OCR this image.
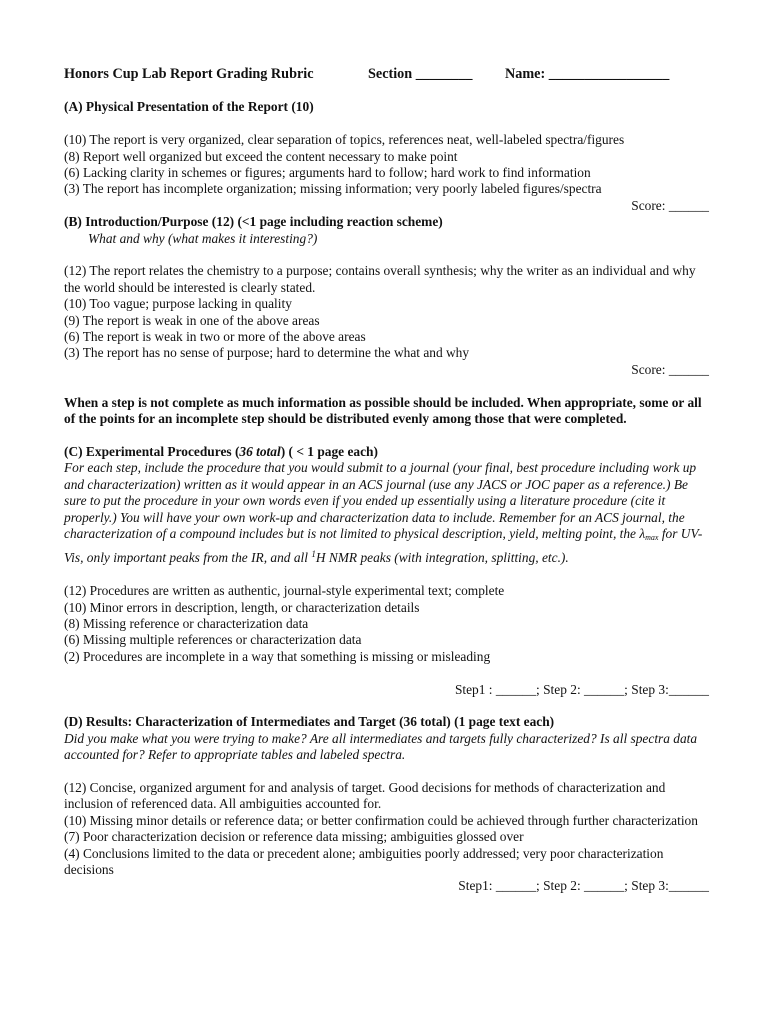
Honors Cup Lab Report Grading Rubric	Section ________	Name: _________________

(A) Physical Presentation of the Report (10)

(10) The report is very organized, clear separation of topics, references neat, well-labeled spectra/figures

(8) Report well organized but exceed the content necessary to make point

(6) Lacking clarity in schemes or figures; arguments hard to follow; hard work to find information

(3) The report has incomplete organization; missing information; very poorly labeled figures/spectra

Score: ______

(B) Introduction/Purpose (12) (<1 page including reaction scheme)

What and why (what makes it interesting?)

(12) The report relates the chemistry to a purpose; contains overall synthesis; why the writer as an individual and why the world should be interested is clearly stated.

(10) Too vague; purpose lacking in quality

(9) The report is weak in one of the above areas

(6) The report is weak in two or more of the above areas

(3) The report has no sense of purpose; hard to determine the what and why

Score: ______

When a step is not complete as much information as possible should be included. When appropriate, some or all of the points for an incomplete step should be distributed evenly among those that were completed.

(C) Experimental Procedures (36 total) ( < 1 page each)

For each step, include the procedure that you would submit to a journal (your final, best procedure including work up and characterization) written as it would appear in an ACS journal (use any JACS or JOC paper as a reference.) Be sure to put the procedure in your own words even if you ended up essentially using a literature procedure (cite it properly.) You will have your own work-up and characterization data to include. Remember for an ACS journal, the characterization of a compound includes but is not limited to physical description, yield, melting point, the $\lambda_{max}$ for UV-Vis, only important peaks from the IR, and all $^1$H NMR peaks (with integration, splitting, etc.).

(12) Procedures are written as authentic, journal-style experimental text; complete

(10) Minor errors in description, length, or characterization details

(8) Missing reference or characterization data

(6) Missing multiple references or characterization data

(2) Procedures are incomplete in a way that something is missing or misleading

Step1 : ______; Step 2: ______; Step 3:______

(D) Results: Characterization of Intermediates and Target (36 total) (1 page text each)

Did you make what you were trying to make? Are all intermediates and targets fully characterized? Is all spectra data accounted for? Refer to appropriate tables and labeled spectra.

(12) Concise, organized argument for and analysis of target. Good decisions for methods of characterization and inclusion of referenced data. All ambiguities accounted for.

(10) Missing minor details or reference data; or better confirmation could be achieved through further characterization

(7) Poor characterization decision or reference data missing; ambiguities glossed over

(4) Conclusions limited to the data or precedent alone; ambiguities poorly addressed; very poor characterization decisions

Step1: ______; Step 2: ______; Step 3:______
